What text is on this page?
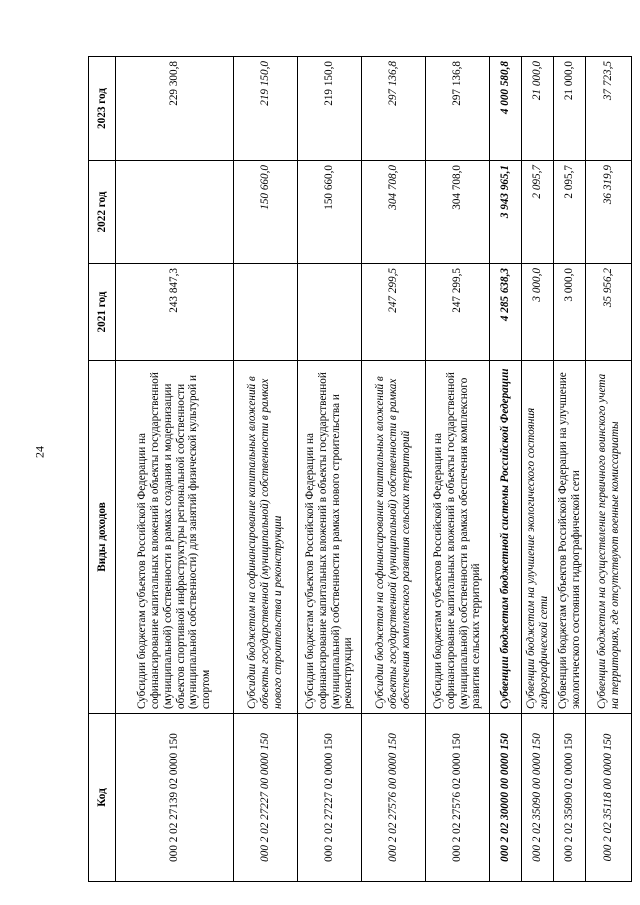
24
Код	Виды доходов	2021 год	2022 год	2023 год
000 2 02 27139 02 0000 150	Субсидии бюджетам субъектов Российской Федерации на софинансирование капитальных вложений в объекты государственной (муниципальной) собственности в рамках создания и модернизации объектов спортивной инфраструктуры региональной собственности (муниципальной собственности) для занятий физической культурой и спортом	243 847,3		229 300,8
000 2 02 27227 00 0000 150	Субсидии бюджетам на софинансирование капитальных вложений в объекты государственной (муниципальной) собственности в рамках нового строительства и реконструкции		150 660,0	219 150,0
000 2 02 27227 02 0000 150	Субсидии бюджетам субъектов Российской Федерации на софинансирование капитальных вложений в объекты государственной (муниципальной) собственности в рамках нового строительства и реконструкции		150 660,0	219 150,0
000 2 02 27576 00 0000 150	Субсидии бюджетам на софинансирование капитальных вложений в объекты государственной (муниципальной) собственности в рамках обеспечения комплексного развития сельских территорий	247 299,5	304 708,0	297 136,8
000 2 02 27576 02 0000 150	Субсидии бюджетам субъектов Российской Федерации на софинансирование капитальных вложений в объекты государственной (муниципальной) собственности в рамках обеспечения комплексного развития сельских территорий	247 299,5	304 708,0	297 136,8
000 2 02 30000 00 0000 150	Субвенции бюджетам бюджетной системы Российской Федерации	4 285 638,3	3 943 965,1	4 000 580,8
000 2 02 35090 00 0000 150	Субвенции бюджетам на улучшение экологического состояния гидрографической сети	3 000,0	2 095,7	21 000,0
000 2 02 35090 02 0000 150	Субвенции бюджетам субъектов Российской Федерации на улучшение экологического состояния гидрографической сети	3 000,0	2 095,7	21 000,0
000 2 02 35118 00 0000 150	Субвенции бюджетам на осуществление первичного воинского учета на территориях, где отсутствуют военные комиссариаты	35 956,2	36 319,9	37 723,5
